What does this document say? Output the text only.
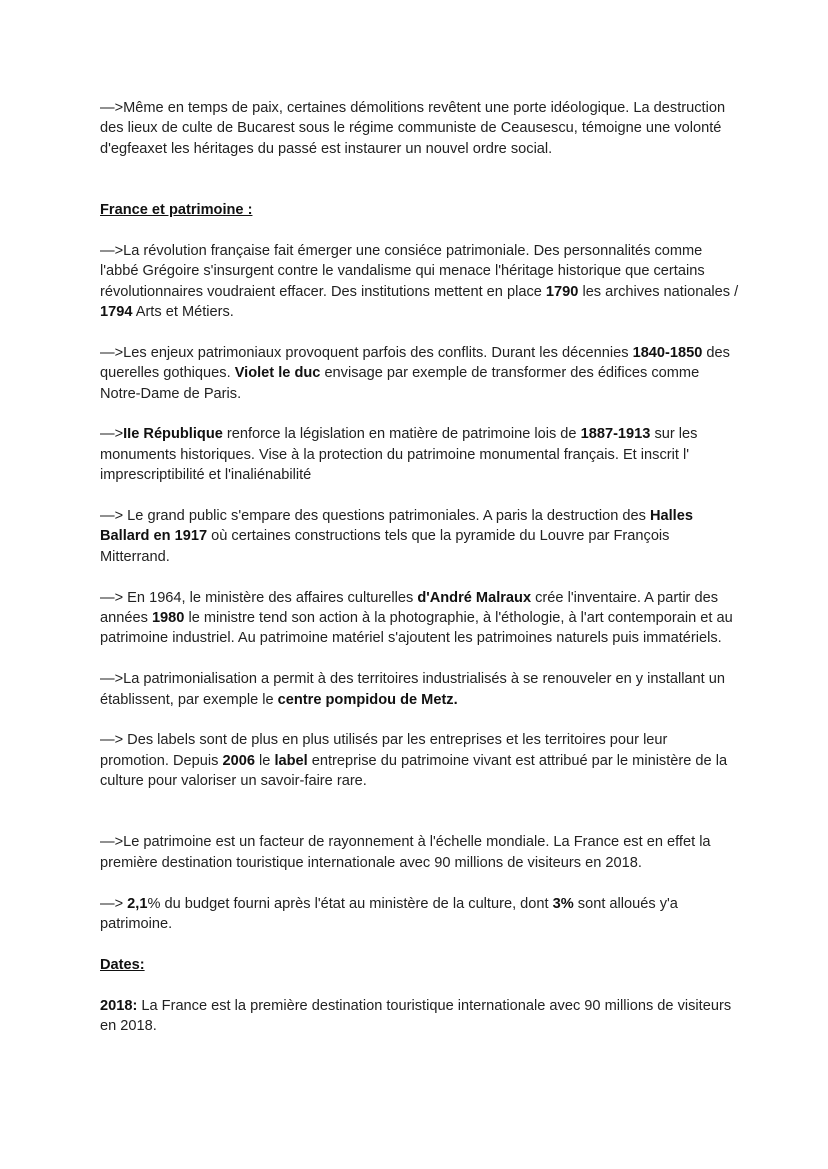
—>Même en temps de paix, certaines démolitions revêtent une porte idéologique. La destruction des lieux de culte de Bucarest sous le régime communiste de Ceausescu, témoigne une volonté d'egfeaxet les héritages du passé est instaurer un nouvel ordre social.

France et patrimoine :

—>La révolution française fait émerger une consiéce patrimoniale. Des personnalités comme l'abbé Grégoire s'insurgent contre le vandalisme qui menace l'héritage historique que certains révolutionnaires voudraient effacer. Des institutions mettent en place 1790 les archives nationales / 1794 Arts et Métiers.

—>Les enjeux patrimoniaux provoquent parfois des conflits. Durant les décennies 1840-1850 des querelles gothiques. Violet le duc envisage par exemple de transformer des édifices comme Notre-Dame de Paris.

—>IIe République renforce la législation en matière de patrimoine lois de 1887-1913 sur les monuments historiques. Vise à la protection du patrimoine monumental français. Et inscrit l' imprescriptibilité et l'inaliénabilité

—> Le grand public s'empare des questions patrimoniales. A paris la destruction des Halles Ballard en 1917 où certaines constructions tels que la pyramide du Louvre par François Mitterrand.

—> En 1964, le ministère des affaires culturelles d'André Malraux crée l'inventaire. A partir des années 1980 le ministre tend son action à la photographie, à l'éthologie, à l'art contemporain et au patrimoine industriel. Au patrimoine matériel s'ajoutent les patrimoines naturels puis immatériels.

—>La patrimonialisation a permit à des territoires industrialisés à se renouveler en y installant un établissent, par exemple le centre pompidou de Metz.

—> Des labels sont de plus en plus utilisés par les entreprises et les territoires pour leur promotion. Depuis 2006 le label entreprise du patrimoine vivant est attribué par le ministère de la culture pour valoriser un savoir-faire rare.

—>Le patrimoine est un facteur de rayonnement à l'échelle mondiale. La France est en effet la première destination touristique internationale avec 90 millions de visiteurs en 2018.

—> 2,1% du budget fourni après l'état au ministère de la culture, dont 3% sont alloués y'a patrimoine.

Dates:

2018: La France est la première destination touristique internationale avec 90 millions de visiteurs en 2018.
